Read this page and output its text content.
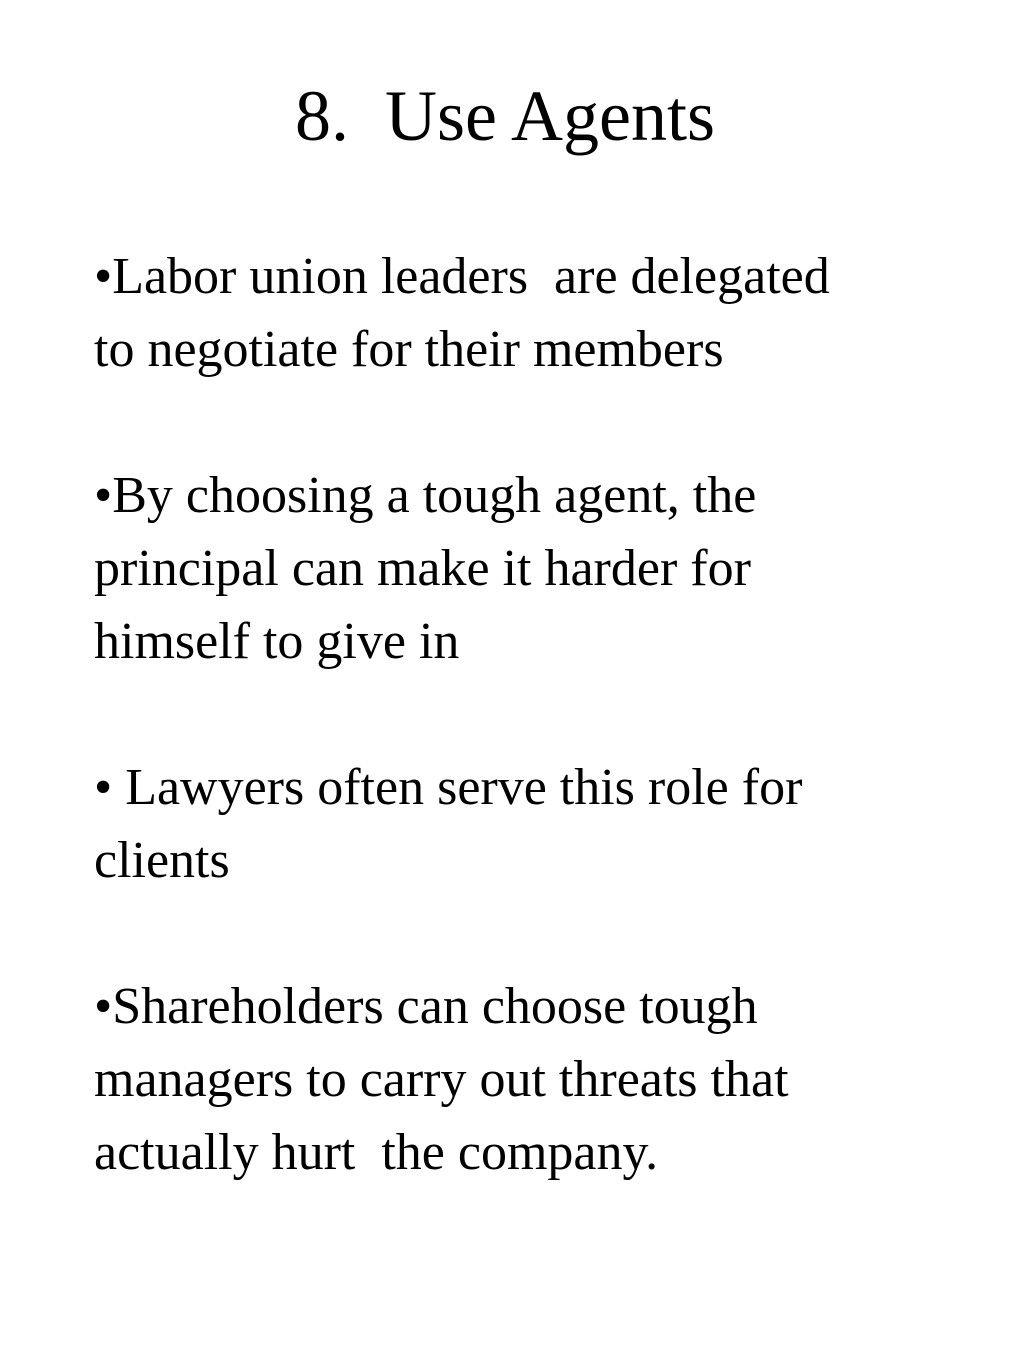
8.  Use Agents
•Labor union leaders  are delegated
to negotiate for their members
•By choosing a tough agent, the
principal can make it harder for
himself to give in
• Lawyers often serve this role for
clients
•Shareholders can choose tough
managers to carry out threats that
actually hurt  the company.
